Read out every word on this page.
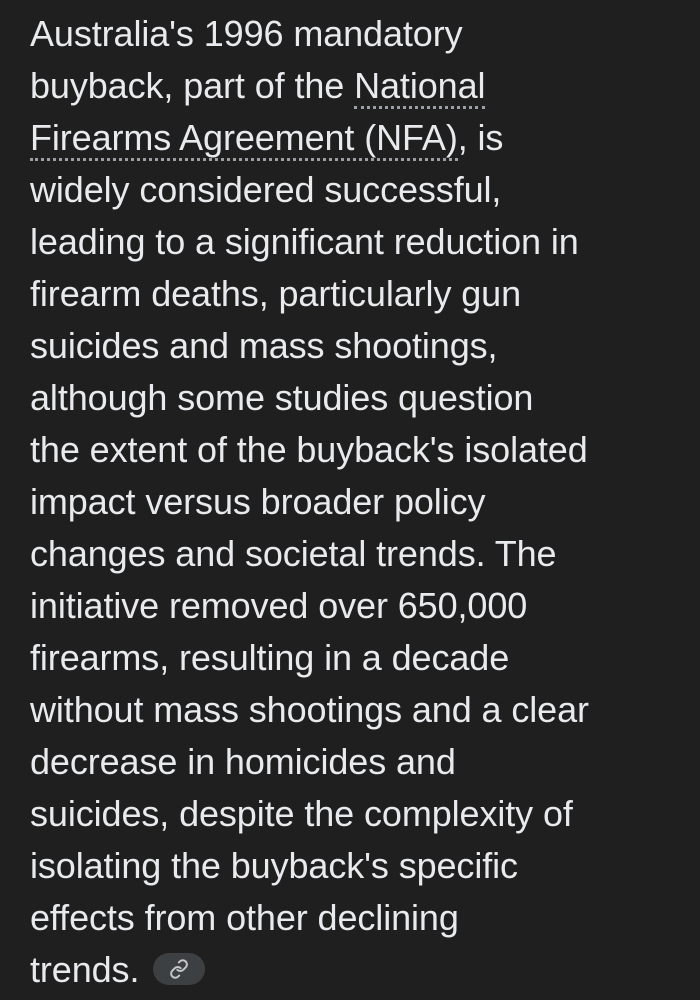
Australia's 1996 mandatory
buyback, part of the National
Firearms Agreement (NFA), is
widely considered successful,
leading to a significant reduction in
firearm deaths, particularly gun
suicides and mass shootings,
although some studies question
the extent of the buyback's isolated
impact versus broader policy
changes and societal trends. The
initiative removed over 650,000
firearms, resulting in a decade
without mass shootings and a clear
decrease in homicides and
suicides, despite the complexity of
isolating the buyback's specific
effects from other declining
trends.
